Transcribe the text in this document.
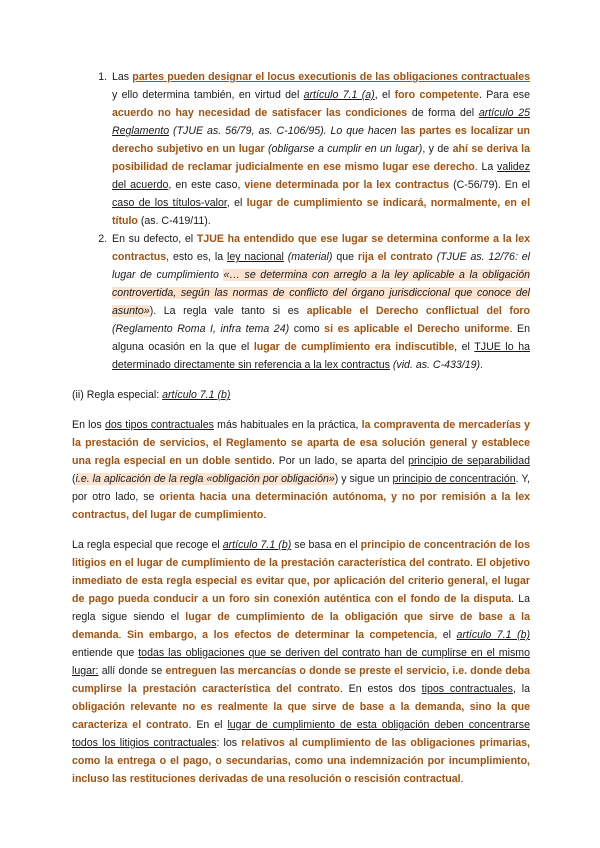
1. Las partes pueden designar el locus executionis de las obligaciones contractuales y ello determina también, en virtud del artículo 7.1 (a), el foro competente. Para ese acuerdo no hay necesidad de satisfacer las condiciones de forma del artículo 25 Reglamento (TJUE as. 56/79, as. C-106/95). Lo que hacen las partes es localizar un derecho subjetivo en un lugar (obligarse a cumplir en un lugar), y de ahí se deriva la posibilidad de reclamar judicialmente en ese mismo lugar ese derecho. La validez del acuerdo, en este caso, viene determinada por la lex contractus (C-56/79). En el caso de los títulos-valor, el lugar de cumplimiento se indicará, normalmente, en el título (as. C-419/11).
2. En su defecto, el TJUE ha entendido que ese lugar se determina conforme a la lex contractus, esto es, la ley nacional (material) que rija el contrato (TJUE as. 12/76: el lugar de cumplimiento «… se determina con arreglo a la ley aplicable a la obligación controvertida, según las normas de conflicto del órgano jurisdiccional que conoce del asunto»). La regla vale tanto si es aplicable el Derecho conflictual del foro (Reglamento Roma I, infra tema 24) como si es aplicable el Derecho uniforme. En alguna ocasión en la que el lugar de cumplimiento era indiscutible, el TJUE lo ha determinado directamente sin referencia a la lex contractus (vid. as. C-433/19).

(ii) Regla especial: artículo 7.1 (b)

En los dos tipos contractuales más habituales en la práctica, la compraventa de mercaderías y la prestación de servicios, el Reglamento se aparta de esa solución general y establece una regla especial en un doble sentido. Por un lado, se aparta del principio de separabilidad (i.e. la aplicación de la regla «obligación por obligación») y sigue un principio de concentración. Y, por otro lado, se orienta hacia una determinación autónoma, y no por remisión a la lex contractus, del lugar de cumplimiento.

La regla especial que recoge el artículo 7.1 (b) se basa en el principio de concentración de los litigios en el lugar de cumplimiento de la prestación característica del contrato. El objetivo inmediato de esta regla especial es evitar que, por aplicación del criterio general, el lugar de pago pueda conducir a un foro sin conexión auténtica con el fondo de la disputa. La regla sigue siendo el lugar de cumplimiento de la obligación que sirve de base a la demanda. Sin embargo, a los efectos de determinar la competencia, el artículo 7.1 (b) entiende que todas las obligaciones que se deriven del contrato han de cumplirse en el mismo lugar: allí donde se entreguen las mercancías o donde se preste el servicio, i.e. donde deba cumplirse la prestación característica del contrato. En estos dos tipos contractuales, la obligación relevante no es realmente la que sirve de base a la demanda, sino la que caracteriza el contrato. En el lugar de cumplimiento de esta obligación deben concentrarse todos los litigios contractuales: los relativos al cumplimiento de las obligaciones primarias, como la entrega o el pago, o secundarias, como una indemnización por incumplimiento, incluso las restituciones derivadas de una resolución o rescisión contractual.
